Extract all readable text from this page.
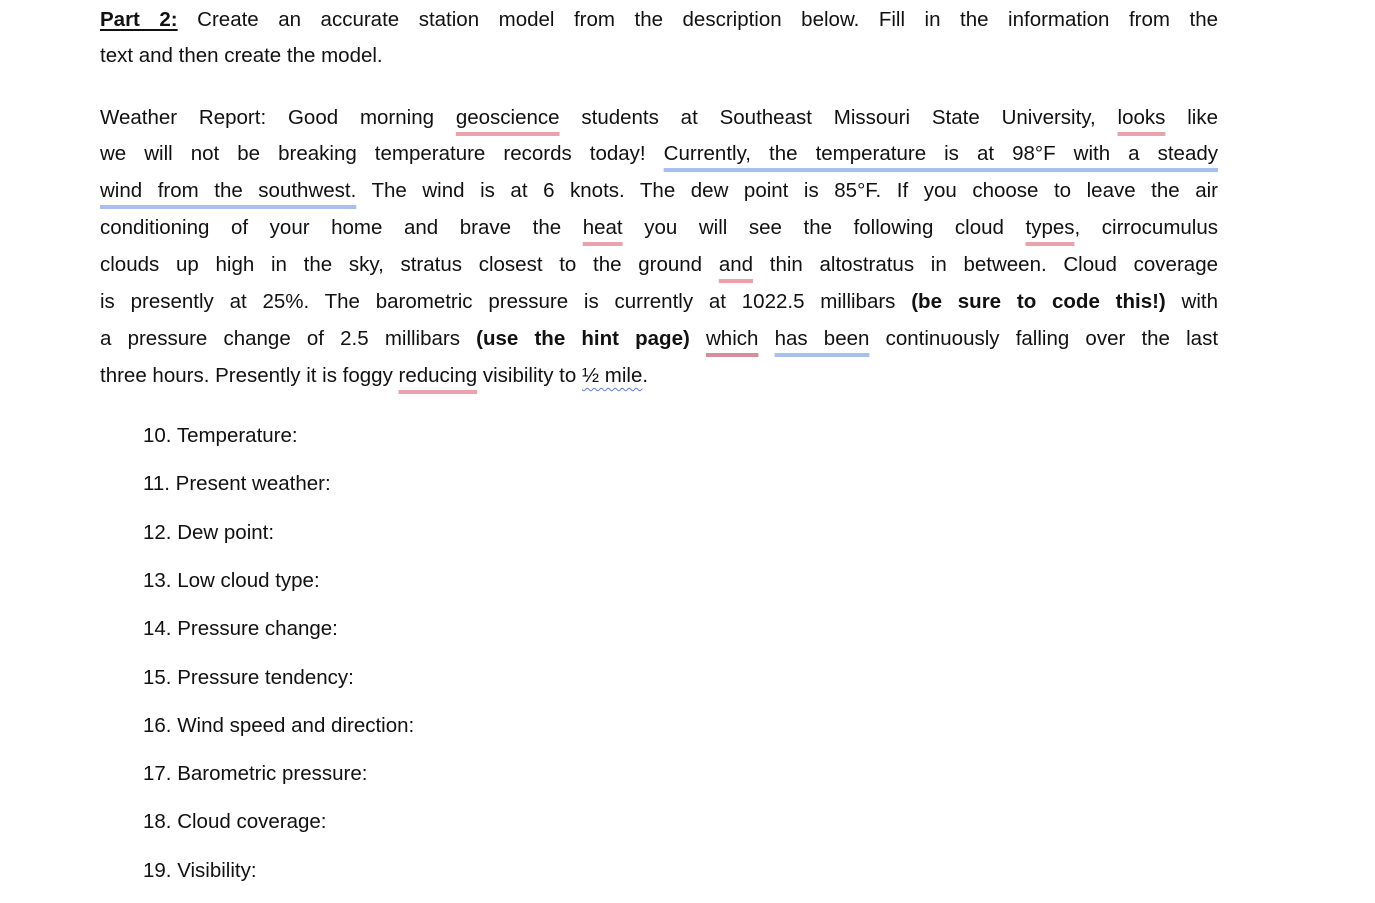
Part 2: Create an accurate station model from the description below. Fill in the information from the
text and then create the model.
Weather Report: Good morning geoscience students at Southeast Missouri State University, looks like
we will not be breaking temperature records today! Currently, the temperature is at 98°F with a steady
wind from the southwest. The wind is at 6 knots. The dew point is 85°F. If you choose to leave the air
conditioning of your home and brave the heat you will see the following cloud types, cirrocumulus
clouds up high in the sky, stratus closest to the ground and thin altostratus in between. Cloud coverage
is presently at 25%. The barometric pressure is currently at 1022.5 millibars (be sure to code this!) with
a pressure change of 2.5 millibars (use the hint page) which has been continuously falling over the last
three hours. Presently it is foggy reducing visibility to ½ mile.
10. Temperature:
11. Present weather:
12. Dew point:
13. Low cloud type:
14. Pressure change:
15. Pressure tendency:
16. Wind speed and direction:
17. Barometric pressure:
18. Cloud coverage:
19. Visibility:
